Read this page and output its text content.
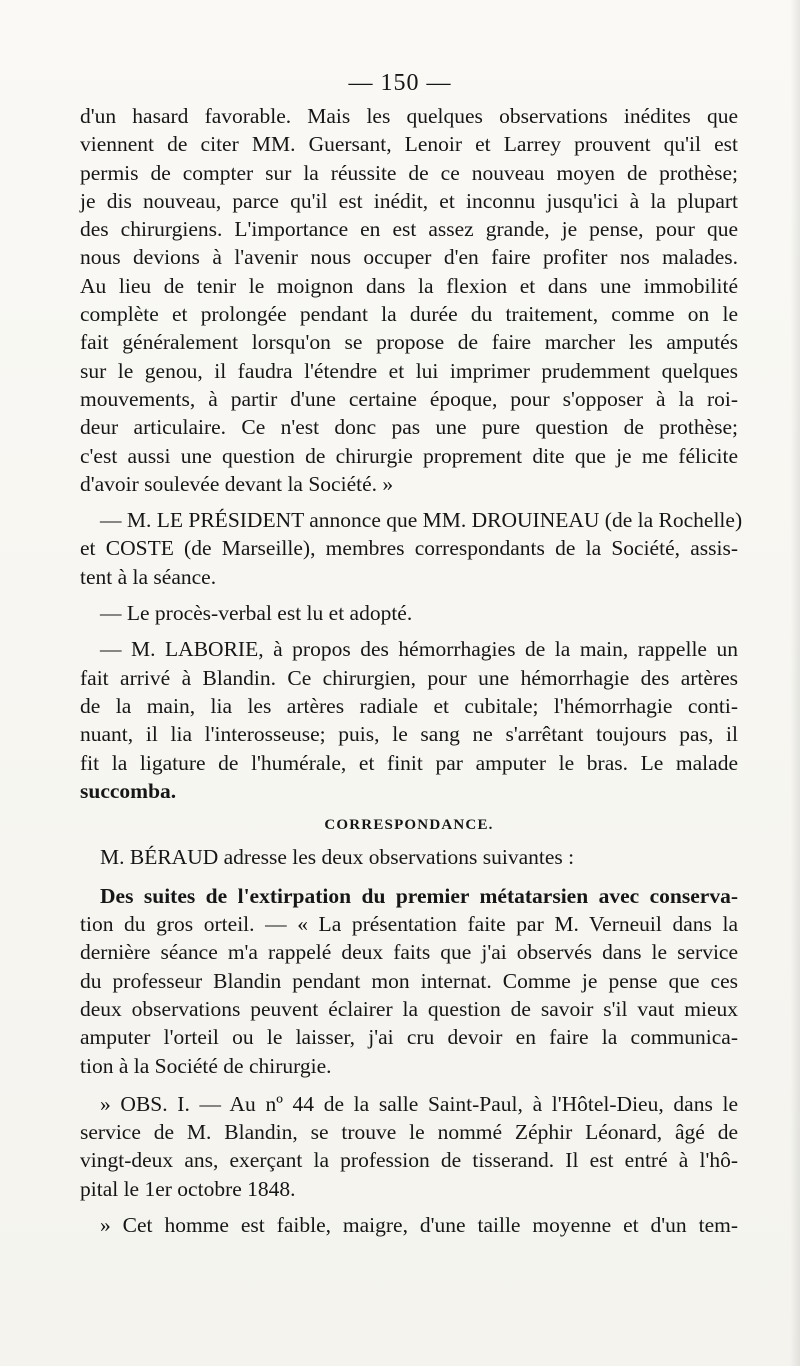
— 150 —
d'un hasard favorable. Mais les quelques observations inédites que
viennent de citer MM. Guersant, Lenoir et Larrey prouvent qu'il est
permis de compter sur la réussite de ce nouveau moyen de prothèse;
je dis nouveau, parce qu'il est inédit, et inconnu jusqu'ici à la plupart
des chirurgiens. L'importance en est assez grande, je pense, pour que
nous devions à l'avenir nous occuper d'en faire profiter nos malades.
Au lieu de tenir le moignon dans la flexion et dans une immobilité
complète et prolongée pendant la durée du traitement, comme on le
fait généralement lorsqu'on se propose de faire marcher les amputés
sur le genou, il faudra l'étendre et lui imprimer prudemment quelques
mouvements, à partir d'une certaine époque, pour s'opposer à la roi-
deur articulaire. Ce n'est donc pas une pure question de prothèse;
c'est aussi une question de chirurgie proprement dite que je me félicite
d'avoir soulevée devant la Société. »
— M. LE PRÉSIDENT annonce que MM. DROUINEAU (de la Rochelle)
et COSTE (de Marseille), membres correspondants de la Société, assis-
tent à la séance.
— Le procès-verbal est lu et adopté.
— M. LABORIE, à propos des hémorrhagies de la main, rappelle un
fait arrivé à Blandin. Ce chirurgien, pour une hémorrhagie des artères
de la main, lia les artères radiale et cubitale; l'hémorrhagie conti-
nuant, il lia l'interosseuse; puis, le sang ne s'arrêtant toujours pas, il
fit la ligature de l'humérale, et finit par amputer le bras. Le malade
succomba.
CORRESPONDANCE.
M. BÉRAUD adresse les deux observations suivantes :
Des suites de l'extirpation du premier métatarsien avec conserva-
tion du gros orteil. — « La présentation faite par M. Verneuil dans la
dernière séance m'a rappelé deux faits que j'ai observés dans le service
du professeur Blandin pendant mon internat. Comme je pense que ces
deux observations peuvent éclairer la question de savoir s'il vaut mieux
amputer l'orteil ou le laisser, j'ai cru devoir en faire la communica-
tion à la Société de chirurgie.
» OBS. I. — Au nº 44 de la salle Saint-Paul, à l'Hôtel-Dieu, dans le
service de M. Blandin, se trouve le nommé Zéphir Léonard, âgé de
vingt-deux ans, exerçant la profession de tisserand. Il est entré à l'hô-
pital le 1er octobre 1848.
» Cet homme est faible, maigre, d'une taille moyenne et d'un tem-
